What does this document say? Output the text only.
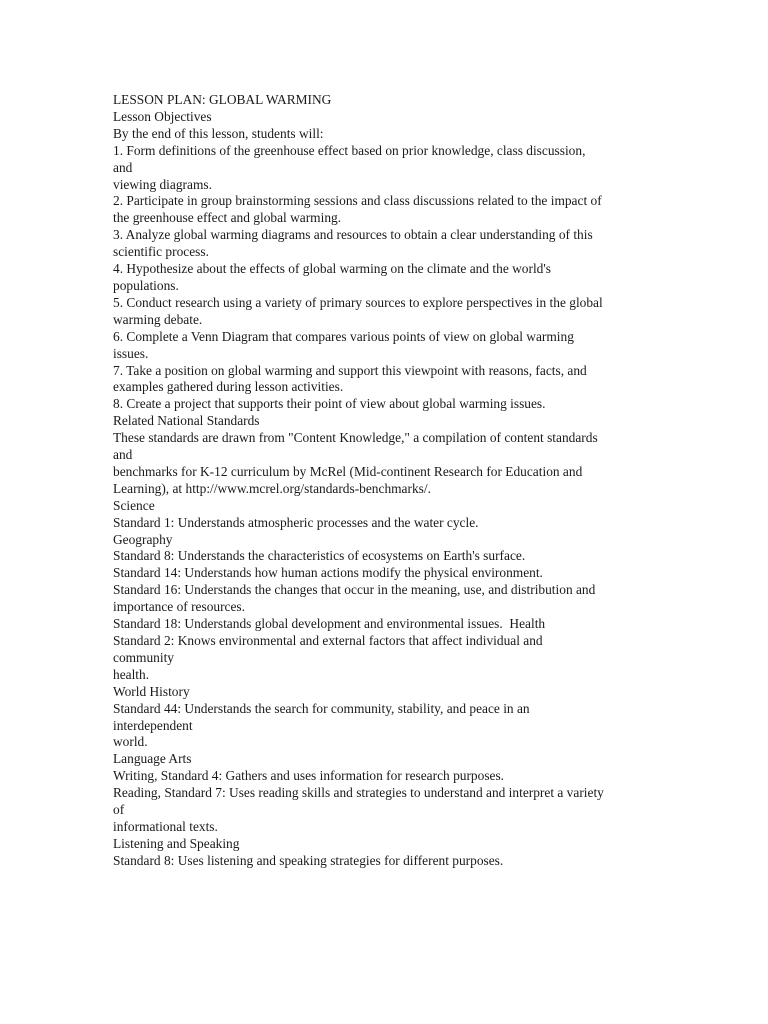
LESSON PLAN: GLOBAL WARMING
Lesson Objectives
By the end of this lesson, students will:
1. Form definitions of the greenhouse effect based on prior knowledge, class discussion,
and
viewing diagrams.
2. Participate in group brainstorming sessions and class discussions related to the impact of
the greenhouse effect and global warming.
3. Analyze global warming diagrams and resources to obtain a clear understanding of this
scientific process.
4. Hypothesize about the effects of global warming on the climate and the world's
populations.
5. Conduct research using a variety of primary sources to explore perspectives in the global
warming debate.
6. Complete a Venn Diagram that compares various points of view on global warming
issues.
7. Take a position on global warming and support this viewpoint with reasons, facts, and
examples gathered during lesson activities.
8. Create a project that supports their point of view about global warming issues.
Related National Standards
These standards are drawn from "Content Knowledge," a compilation of content standards
and
benchmarks for K-12 curriculum by McRel (Mid-continent Research for Education and
Learning), at http://www.mcrel.org/standards-benchmarks/.
Science
Standard 1: Understands atmospheric processes and the water cycle.
Geography
Standard 8: Understands the characteristics of ecosystems on Earth's surface.
Standard 14: Understands how human actions modify the physical environment.
Standard 16: Understands the changes that occur in the meaning, use, and distribution and
importance of resources.
Standard 18: Understands global development and environmental issues.  Health
Standard 2: Knows environmental and external factors that affect individual and
community
health.
World History
Standard 44: Understands the search for community, stability, and peace in an
interdependent
world.
Language Arts
Writing, Standard 4: Gathers and uses information for research purposes.
Reading, Standard 7: Uses reading skills and strategies to understand and interpret a variety
of
informational texts.
Listening and Speaking
Standard 8: Uses listening and speaking strategies for different purposes.
